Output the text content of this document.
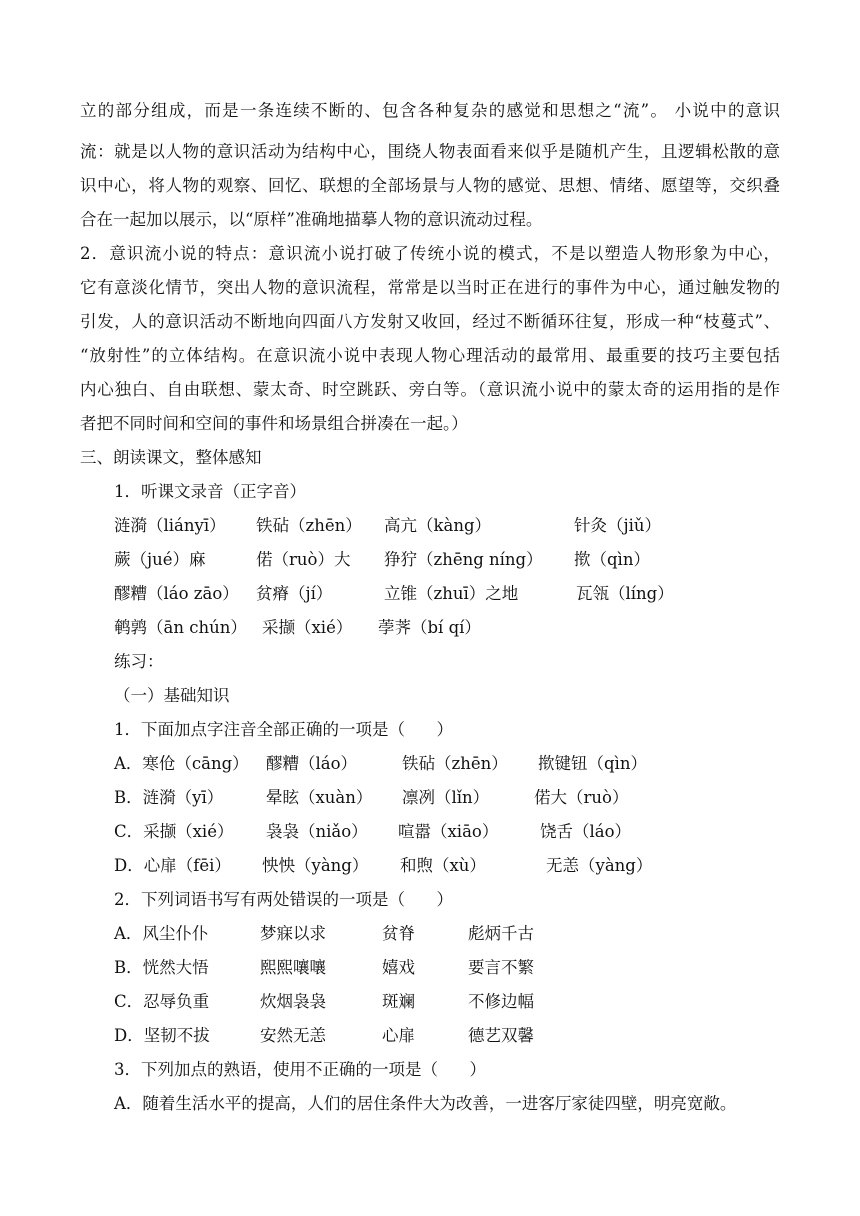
立的部分组成，而是一条连续不断的、包含各种复杂的感觉和思想之“流”。 小说中的意识
流：就是以人物的意识活动为结构中心，围绕人物表面看来似乎是随机产生，且逻辑松散的意
识中心，将人物的观察、回忆、联想的全部场景与人物的感觉、思想、情绪、愿望等，交织叠
合在一起加以展示，以“原样”准确地描摹人物的意识流动过程。
2．意识流小说的特点：意识流小说打破了传统小说的模式，不是以塑造人物形象为中心，
它有意淡化情节，突出人物的意识流程，常常是以当时正在进行的事件为中心，通过触发物的
引发，人的意识活动不断地向四面八方发射又收回，经过不断循环往复，形成一种“枝蔓式”、
“放射性”的立体结构。在意识流小说中表现人物心理活动的最常用、最重要的技巧主要包括
内心独白、自由联想、蒙太奇、时空跳跃、旁白等。（意识流小说中的蒙太奇的运用指的是作
者把不同时间和空间的事件和场景组合拼凑在一起。）
三、朗读课文，整体感知
1．听课文录音（正字音）
涟漪（liányī） 铁砧（zhēn） 高亢（kàng）	针灸（jiǔ）
蕨（jué）麻	偌（ruò）大 狰狞（zhēng níng） 揿（qìn）
醪糟（láo zāo） 贫瘠（jí）	立锥（zhuī）之地	瓦瓴（líng）
鹌鹑（ān chún） 采撷（xié） 荸荠（bí qí）
练习：
（一）基础知识
1．下面加点字注音全部正确的一项是（      ）
A．寒伧（cāng） 醪糟（láo）	铁砧（zhēn） 揿键钮（qìn）
B．涟漪（yī）	晕眩（xuàn） 凛冽（lǐn）	偌大（ruò）
C．采撷（xié） 袅袅（niǎo） 喧嚣（xiāo）	饶舌（láo）
D．心扉（fēi） 怏怏（yàng） 和煦（xù）	无恙（yàng）
2．下列词语书写有两处错误的一项是（      ）
A．风尘仆仆	梦寐以求	贫脊	彪炳千古
B．恍然大悟	熙熙嚷嚷	嬉戏	要言不繁
C．忍辱负重	炊烟袅袅	斑斓	不修边幅
D．坚韧不拔	安然无恙	心扉	德艺双馨
3．下列加点的熟语，使用不正确的一项是（      ）
A．随着生活水平的提高，人们的居住条件大为改善，一进客厅家徒四壁，明亮宽敞。
